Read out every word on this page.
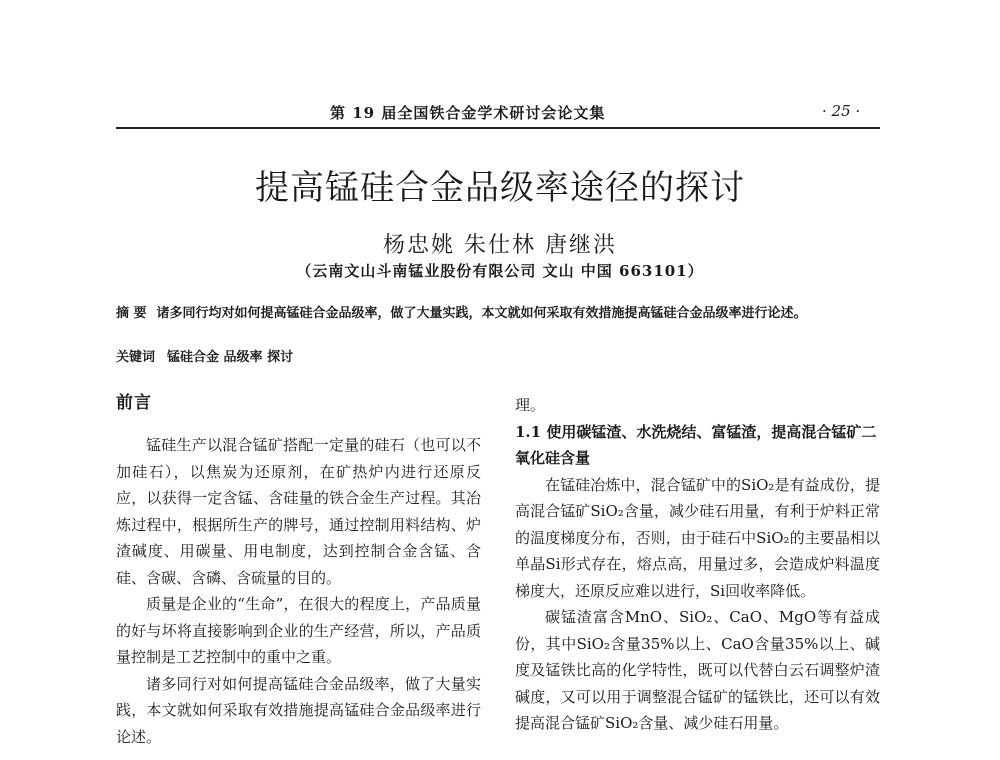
第 19 届全国铁合金学术研讨会论文集	· 25 ·
提高锰硅合金品级率途径的探讨
杨忠姚 朱仕林 唐继洪
（云南文山斗南锰业股份有限公司 文山 中国 663101）
摘 要 诸多同行均对如何提高锰硅合金品级率，做了大量实践，本文就如何采取有效措施提高锰硅合金品级率进行论述。
关键词 锰硅合金 品级率 探讨
前言

锰硅生产以混合锰矿搭配一定量的硅石（也可以不加硅石），以焦炭为还原剂，在矿热炉内进行还原反应，以获得一定含锰、含硅量的铁合金生产过程。其冶炼过程中，根据所生产的牌号，通过控制用料结构、炉渣碱度、用碳量、用电制度，达到控制合金含锰、含硅、含碳、含磷、含硫量的目的。

质量是企业的“生命”，在很大的程度上，产品质量的好与坏将直接影响到企业的生产经营，所以，产品质量控制是工艺控制中的重中之重。

诸多同行对如何提高锰硅合金品级率，做了大量实践，本文就如何采取有效措施提高锰硅合金品级率进行论述。

理。

1.1 使用碳锰渣、水洗烧结、富锰渣，提高混合锰矿二氧化硅含量

在锰硅冶炼中，混合锰矿中的SiO₂是有益成份，提高混合锰矿SiO₂含量，减少硅石用量，有利于炉料正常的温度梯度分布，否则，由于硅石中SiO₂的主要晶相以单晶Si形式存在，熔点高，用量过多，会造成炉料温度梯度大，还原反应难以进行，Si回收率降低。

碳锰渣富含MnO、SiO₂、CaO、MgO等有益成份，其中SiO₂含量35%以上、CaO含量35%以上、碱度及锰铁比高的化学特性，既可以代替白云石调整炉渣碱度，又可以用于调整混合锰矿的锰铁比，还可以有效提高混合锰矿SiO₂含量、减少硅石用量。
